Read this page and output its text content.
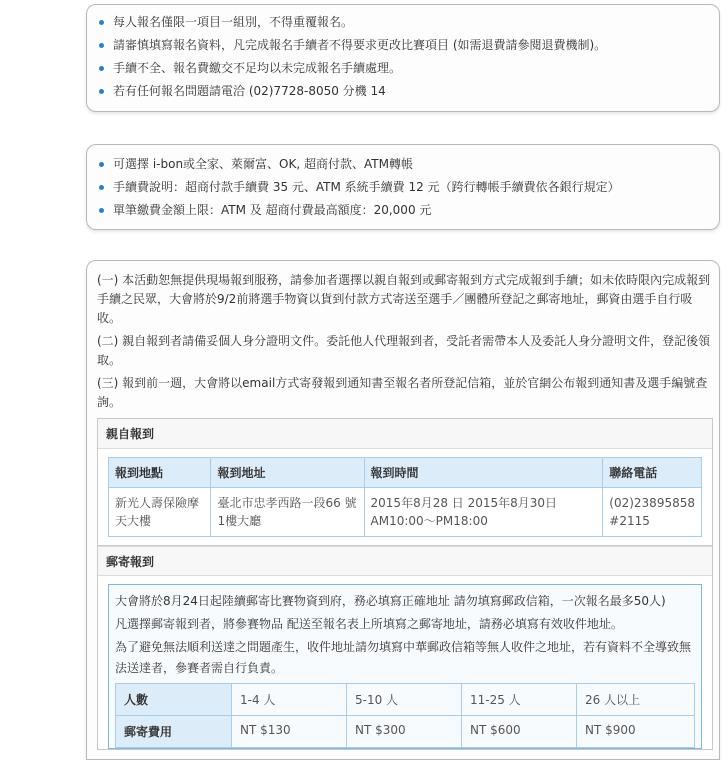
每人報名僅限一項目一組別，不得重覆報名。
請審慎填寫報名資料，凡完成報名手續者不得要求更改比賽項目 (如需退費請參閱退費機制)。
手續不全、報名費繳交不足均以未完成報名手續處理。
若有任何報名問題請電洽 (02)7728-8050 分機 14
可選擇 i-bon或全家、萊爾富、OK, 超商付款、ATM轉帳
手續費說明：超商付款手續費 35 元、ATM 系統手續費 12 元（跨行轉帳手續費依各銀行規定）
單筆繳費金額上限：ATM 及 超商付費最高額度：20,000 元
(一) 本活動恕無提供現場報到服務，請參加者選擇以親自報到或郵寄報到方式完成報到手續；如未依時限內完成報到手續之民眾，大會將於9/2前將選手物資以貨到付款方式寄送至選手／團體所登記之郵寄地址，郵資由選手自行吸收。
(二) 親自報到者請備妥個人身分證明文件。委託他人代理報到者，受託者需帶本人及委託人身分證明文件，登記後領取。
(三) 報到前一週，大會將以email方式寄發報到通知書至報名者所登記信箱，並於官網公布報到通知書及選手編號查詢。
親自報到
報到地點	報到地址	報到時間	聯絡電話
新光人壽保險摩天大樓	臺北市忠孝西路一段66 號1樓大廳	2015年8月28 日 2015年8月30日AM10:00～PM18:00	(02)23895858 #2115
郵寄報到
大會將於8月24日起陸續郵寄比賽物資到府，務必填寫正確地址 請勿填寫郵政信箱，一次報名最多50人)
凡選擇郵寄報到者，將參賽物品 配送至報名表上所填寫之郵寄地址，請務必填寫有效收件地址。
為了避免無法順利送達之問題產生，收件地址請勿填寫中華郵政信箱等無人收件之地址，若有資料不全導致無法送達者，參賽者需自行負責。
人數	1-4 人	5-10 人	11-25 人	26 人以上
郵寄費用	NT $130	NT $300	NT $600	NT $900
